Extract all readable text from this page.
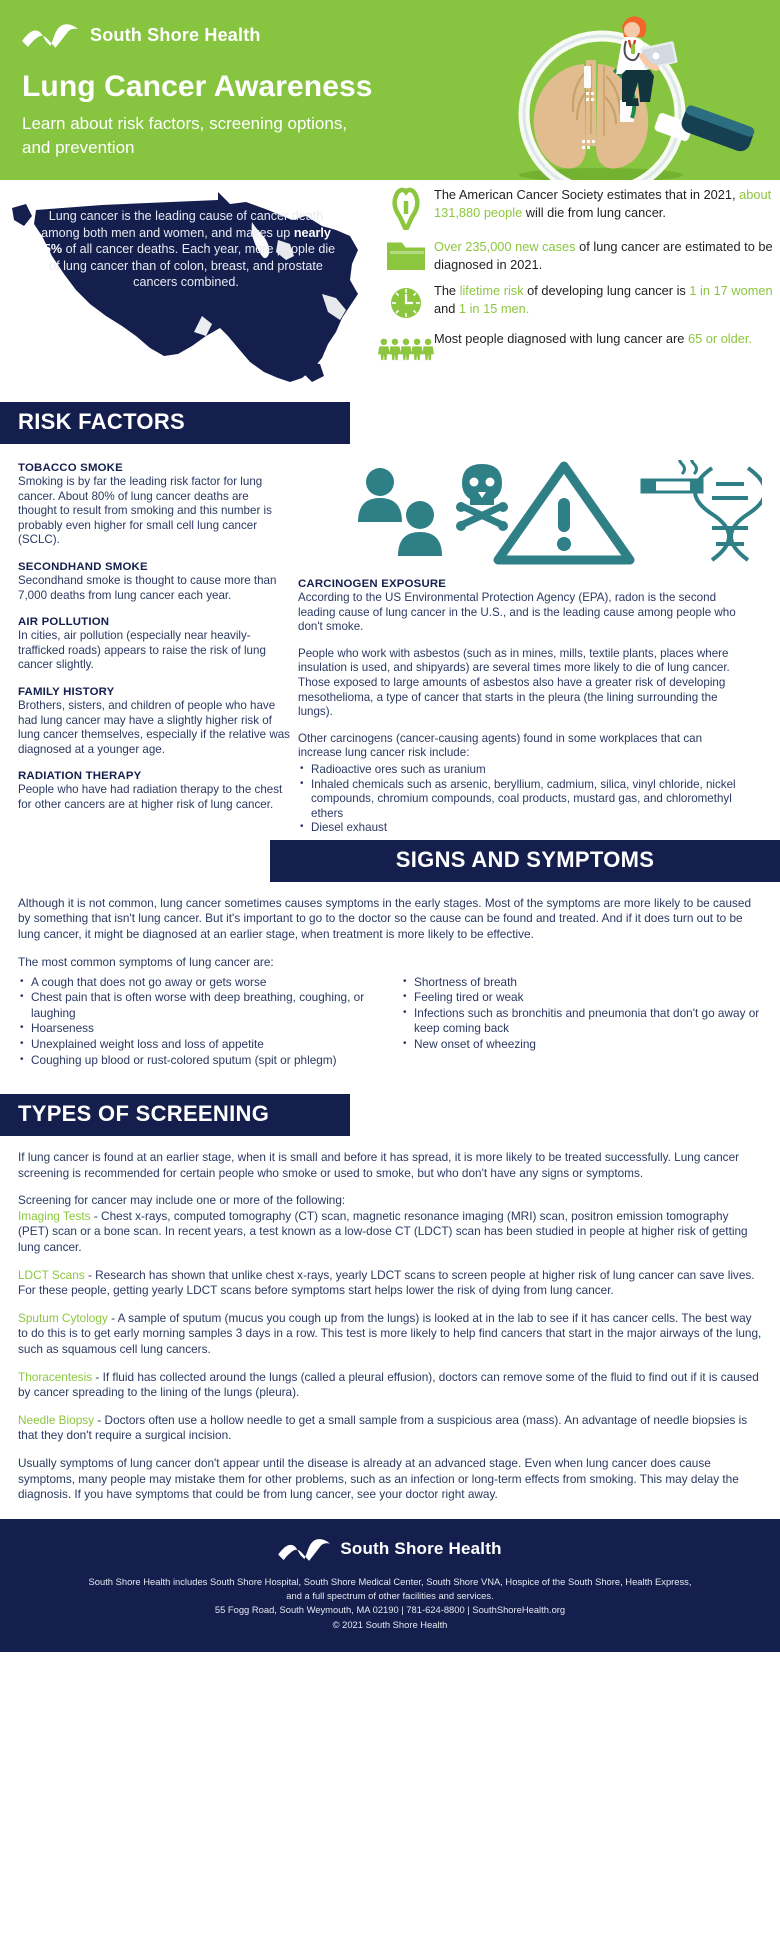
South Shore Health
Lung Cancer Awareness
Learn about risk factors, screening options, and prevention
Lung cancer is the leading cause of cancer death among both men and women, and makes up nearly 25% of all cancer deaths. Each year, more people die of lung cancer than of colon, breast, and prostate cancers combined.
The American Cancer Society estimates that in 2021, about 131,880 people will die from lung cancer.
Over 235,000 new cases of lung cancer are estimated to be diagnosed in 2021.
The lifetime risk of developing lung cancer is 1 in 17 women and 1 in 15 men.
Most people diagnosed with lung cancer are 65 or older.
RISK FACTORS
TOBACCO SMOKE
Smoking is by far the leading risk factor for lung cancer. About 80% of lung cancer deaths are thought to result from smoking and this number is probably even higher for small cell lung cancer (SCLC).
SECONDHAND SMOKE
Secondhand smoke is thought to cause more than 7,000 deaths from lung cancer each year.
AIR POLLUTION
In cities, air pollution (especially near heavily-trafficked roads) appears to raise the risk of lung cancer slightly.
FAMILY HISTORY
Brothers, sisters, and children of people who have had lung cancer may have a slightly higher risk of lung cancer themselves, especially if the relative was diagnosed at a younger age.
RADIATION THERAPY
People who have had radiation therapy to the chest for other cancers are at higher risk of lung cancer.
CARCINOGEN EXPOSURE
According to the US Environmental Protection Agency (EPA), radon is the second leading cause of lung cancer in the U.S., and is the leading cause among people who don't smoke.
People who work with asbestos (such as in mines, mills, textile plants, places where insulation is used, and shipyards) are several times more likely to die of lung cancer. Those exposed to large amounts of asbestos also have a greater risk of developing mesothelioma, a type of cancer that starts in the pleura (the lining surrounding the lungs).
Other carcinogens (cancer-causing agents) found in some workplaces that can increase lung cancer risk include:
• Radioactive ores such as uranium
• Inhaled chemicals such as arsenic, beryllium, cadmium, silica, vinyl chloride, nickel compounds, chromium compounds, coal products, mustard gas, and chloromethyl ethers
• Diesel exhaust
SIGNS AND SYMPTOMS
Although it is not common, lung cancer sometimes causes symptoms in the early stages. Most of the symptoms are more likely to be caused by something that isn't lung cancer. But it's important to go to the doctor so the cause can be found and treated. And if it does turn out to be lung cancer, it might be diagnosed at an earlier stage, when treatment is more likely to be effective.
The most common symptoms of lung cancer are:
• A cough that does not go away or gets worse
• Chest pain that is often worse with deep breathing, coughing, or laughing
• Hoarseness
• Unexplained weight loss and loss of appetite
• Coughing up blood or rust-colored sputum (spit or phlegm)
• Shortness of breath
• Feeling tired or weak
• Infections such as bronchitis and pneumonia that don't go away or keep coming back
• New onset of wheezing
TYPES OF SCREENING
If lung cancer is found at an earlier stage, when it is small and before it has spread, it is more likely to be treated successfully. Lung cancer screening is recommended for certain people who smoke or used to smoke, but who don't have any signs or symptoms.
Screening for cancer may include one or more of the following:
Imaging Tests - Chest x-rays, computed tomography (CT) scan, magnetic resonance imaging (MRI) scan, positron emission tomography (PET) scan or a bone scan. In recent years, a test known as a low-dose CT (LDCT) scan has been studied in people at higher risk of getting lung cancer.
LDCT Scans - Research has shown that unlike chest x-rays, yearly LDCT scans to screen people at higher risk of lung cancer can save lives. For these people, getting yearly LDCT scans before symptoms start helps lower the risk of dying from lung cancer.
Sputum Cytology - A sample of sputum (mucus you cough up from the lungs) is looked at in the lab to see if it has cancer cells. The best way to do this is to get early morning samples 3 days in a row. This test is more likely to help find cancers that start in the major airways of the lung, such as squamous cell lung cancers.
Thoracentesis - If fluid has collected around the lungs (called a pleural effusion), doctors can remove some of the fluid to find out if it is caused by cancer spreading to the lining of the lungs (pleura).
Needle Biopsy - Doctors often use a hollow needle to get a small sample from a suspicious area (mass). An advantage of needle biopsies is that they don't require a surgical incision.
Usually symptoms of lung cancer don't appear until the disease is already at an advanced stage. Even when lung cancer does cause symptoms, many people may mistake them for other problems, such as an infection or long-term effects from smoking. This may delay the diagnosis. If you have symptoms that could be from lung cancer, see your doctor right away.
South Shore Health
South Shore Health includes South Shore Hospital, South Shore Medical Center, South Shore VNA, Hospice of the South Shore, Health Express,
and a full spectrum of other facilities and services.
55 Fogg Road, South Weymouth, MA 02190 | 781-624-8800 | SouthShoreHealth.org
© 2021 South Shore Health
